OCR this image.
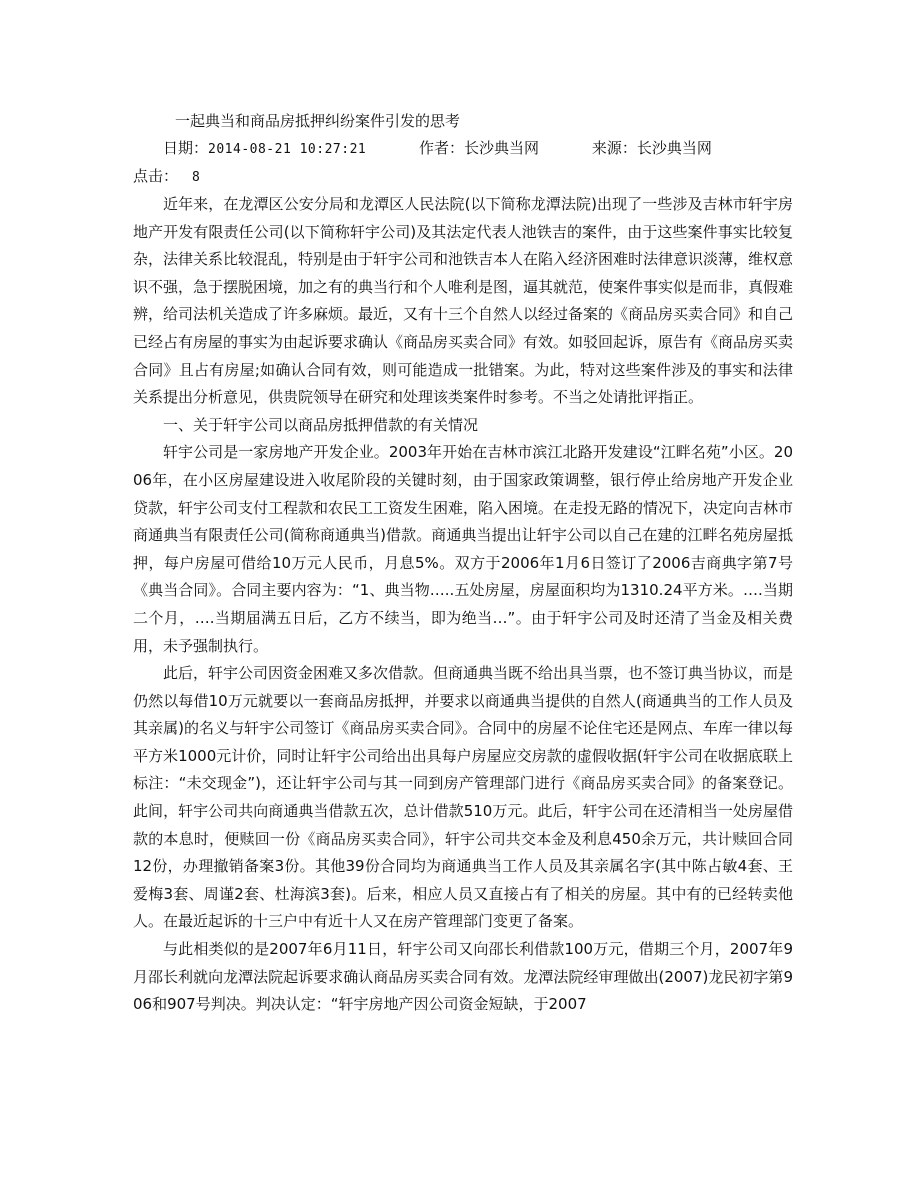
一起典当和商品房抵押纠纷案件引发的思考
日期：2014-08-21 10:27:21	作者：长沙典当网	来源：长沙典当网
点击： 8

近年来，在龙潭区公安分局和龙潭区人民法院(以下简称龙潭法院)出现了一些涉及吉林市轩宇房地产开发有限责任公司(以下简称轩宇公司)及其法定代表人池铁吉的案件，由于这些案件事实比较复杂，法律关系比较混乱，特别是由于轩宇公司和池铁吉本人在陷入经济困难时法律意识淡薄，维权意识不强，急于摆脱困境，加之有的典当行和个人唯利是图，逼其就范，使案件事实似是而非，真假难辨，给司法机关造成了许多麻烦。最近，又有十三个自然人以经过备案的《商品房买卖合同》和自己已经占有房屋的事实为由起诉要求确认《商品房买卖合同》有效。如驳回起诉，原告有《商品房买卖合同》且占有房屋;如确认合同有效，则可能造成一批错案。为此，特对这些案件涉及的事实和法律关系提出分析意见，供贵院领导在研究和处理该类案件时参考。不当之处请批评指正。

一、关于轩宇公司以商品房抵押借款的有关情况

轩宇公司是一家房地产开发企业。2003年开始在吉林市滨江北路开发建设“江畔名苑”小区。2006年，在小区房屋建设进入收尾阶段的关键时刻，由于国家政策调整，银行停止给房地产开发企业贷款，轩宇公司支付工程款和农民工工资发生困难，陷入困境。在走投无路的情况下，决定向吉林市商通典当有限责任公司(简称商通典当)借款。商通典当提出让轩宇公司以自己在建的江畔名苑房屋抵押，每户房屋可借给10万元人民币，月息5%。双方于2006年1月6日签订了2006吉商典字第7号《典当合同》。合同主要内容为：“1、典当物…..五处房屋，房屋面积均为1310.24平方米。….当期二个月，….当期届满五日后，乙方不续当，即为绝当…”。由于轩宇公司及时还清了当金及相关费用，未予强制执行。

此后，轩宇公司因资金困难又多次借款。但商通典当既不给出具当票，也不签订典当协议，而是仍然以每借10万元就要以一套商品房抵押，并要求以商通典当提供的自然人(商通典当的工作人员及其亲属)的名义与轩宇公司签订《商品房买卖合同》。合同中的房屋不论住宅还是网点、车库一律以每平方米1000元计价，同时让轩宇公司给出出具每户房屋应交房款的虚假收据(轩宇公司在收据底联上标注：“未交现金”)，还让轩宇公司与其一同到房产管理部门进行《商品房买卖合同》的备案登记。此间，轩宇公司共向商通典当借款五次，总计借款510万元。此后，轩宇公司在还清相当一处房屋借款的本息时，便赎回一份《商品房买卖合同》，轩宇公司共交本金及利息450余万元，共计赎回合同12份，办理撤销备案3份。其他39份合同均为商通典当工作人员及其亲属名字(其中陈占敏4套、王爱梅3套、周谨2套、杜海滨3套)。后来，相应人员又直接占有了相关的房屋。其中有的已经转卖他人。在最近起诉的十三户中有近十人又在房产管理部门变更了备案。

与此相类似的是2007年6月11日，轩宇公司又向邵长利借款100万元，借期三个月，2007年9月邵长利就向龙潭法院起诉要求确认商品房买卖合同有效。龙潭法院经审理做出(2007)龙民初字第906和907号判决。判决认定：“轩宇房地产因公司资金短缺，于2007
